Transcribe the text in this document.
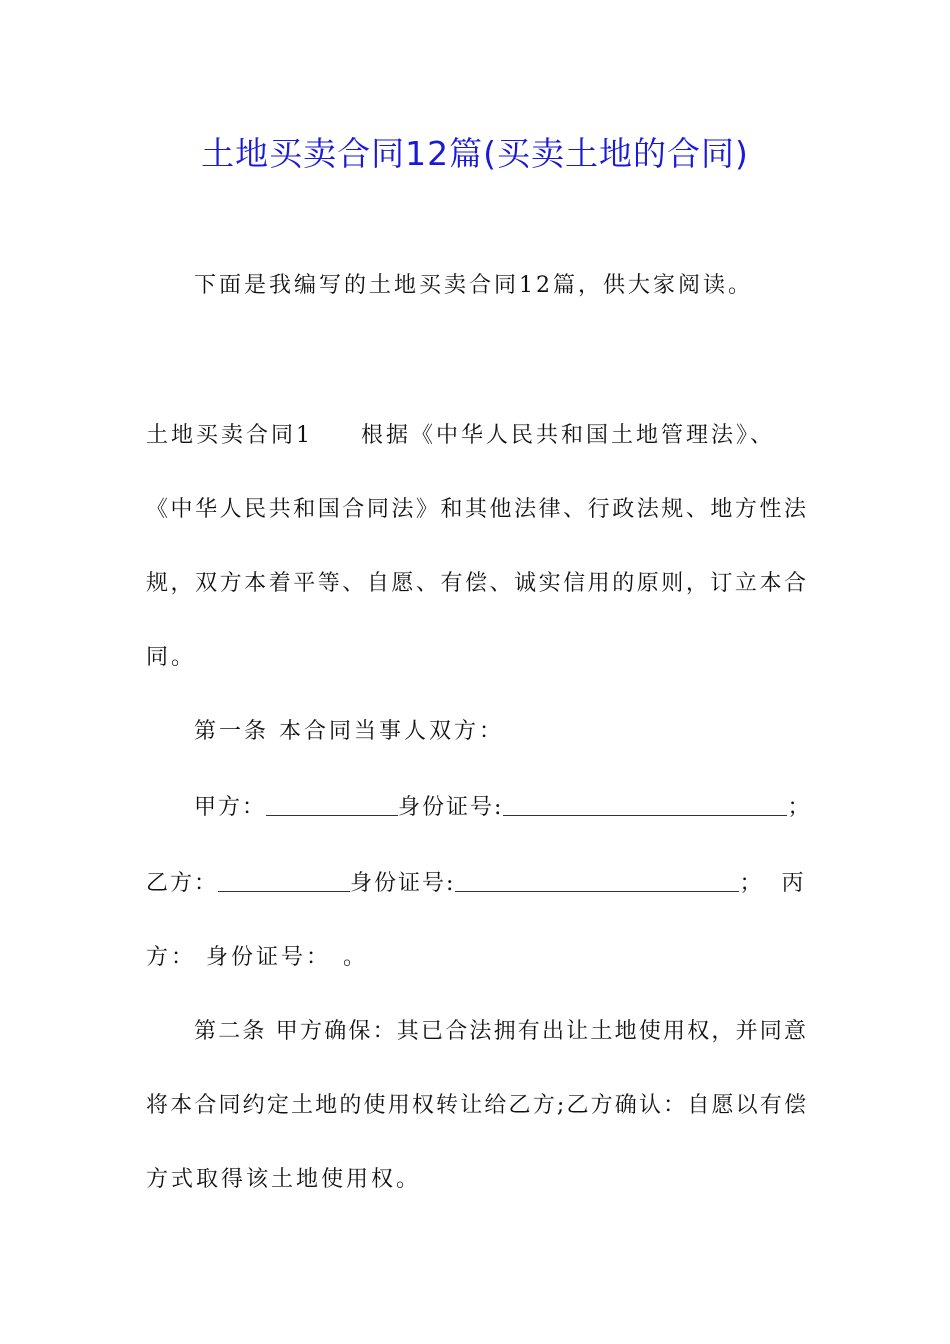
土地买卖合同12篇(买卖土地的合同)
下面是我编写的土地买卖合同12篇，供大家阅读。
土地买卖合同1 根据《中华人民共和国土地管理法》、
《中华人民共和国合同法》和其他法律、行政法规、地方性法
规，双方本着平等、自愿、有偿、诚实信用的原则，订立本合
同。
第一条 本合同当事人双方：
甲方：	身份证号:	；
乙方：	身份证号:	； 丙
方： 身份证号： 。
第二条 甲方确保：其已合法拥有出让土地使用权，并同意
将本合同约定土地的使用权转让给乙方;乙方确认：自愿以有偿
方式取得该土地使用权。
